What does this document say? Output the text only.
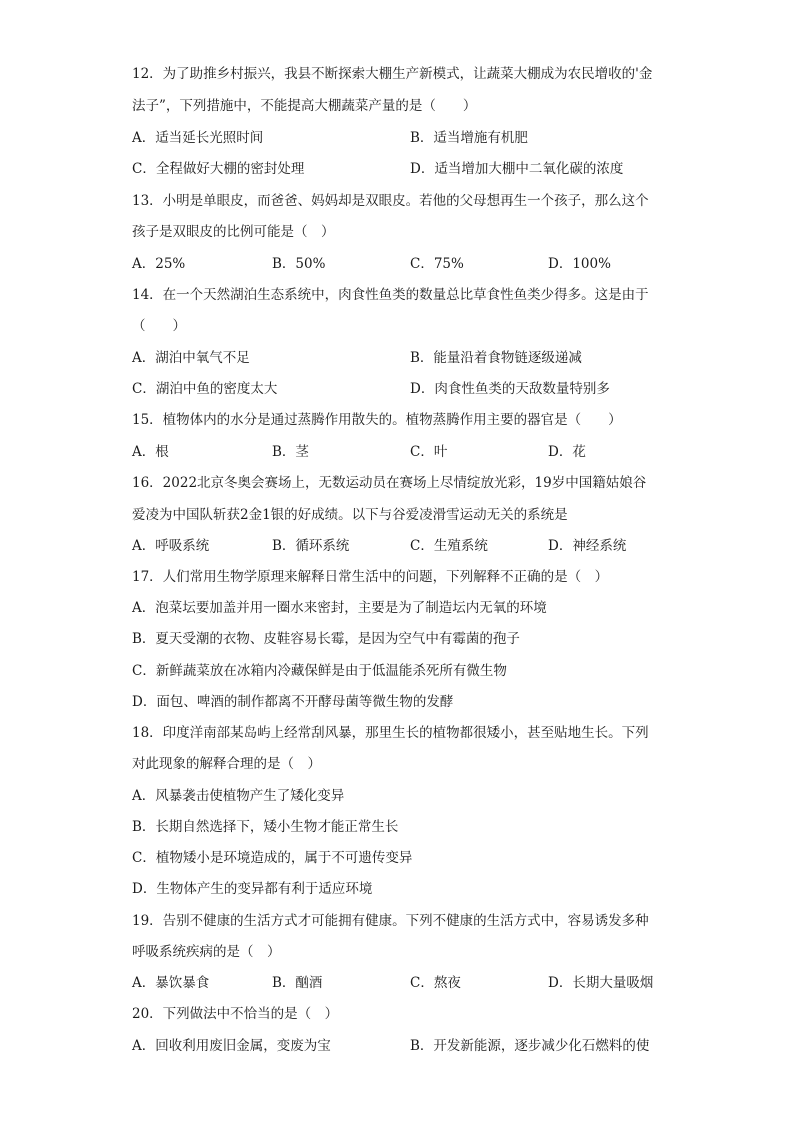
12．为了助推乡村振兴，我县不断探索大棚生产新模式，让蔬菜大棚成为农民增收的'金
法子”，下列措施中，不能提高大棚蔬菜产量的是（　　）
A．适当延长光照时间	B．适当增施有机肥
C．全程做好大棚的密封处理	D．适当增加大棚中二氧化碳的浓度
13．小明是单眼皮，而爸爸、妈妈却是双眼皮。若他的父母想再生一个孩子，那么这个
孩子是双眼皮的比例可能是（　）
A．25%	B．50%	C．75%	D．100%
14．在一个天然湖泊生态系统中，肉食性鱼类的数量总比草食性鱼类少得多。这是由于
（　　）
A．湖泊中氧气不足	B．能量沿着食物链逐级递减
C．湖泊中鱼的密度太大	D．肉食性鱼类的天敌数量特别多
15．植物体内的水分是通过蒸腾作用散失的。植物蒸腾作用主要的器官是（　　）
A．根	B．茎	C．叶	D．花
16．2022北京冬奥会赛场上，无数运动员在赛场上尽情绽放光彩，19岁中国籍姑娘谷
爱凌为中国队斩获2金1银的好成绩。以下与谷爱凌滑雪运动无关的系统是
A．呼吸系统	B．循环系统	C．生殖系统	D．神经系统
17．人们常用生物学原理来解释日常生活中的问题，下列解释不正确的是（　）
A．泡菜坛要加盖并用一圈水来密封，主要是为了制造坛内无氧的环境
B．夏天受潮的衣物、皮鞋容易长霉，是因为空气中有霉菌的孢子
C．新鲜蔬菜放在冰箱内冷藏保鲜是由于低温能杀死所有微生物
D．面包、啤酒的制作都离不开酵母菌等微生物的发酵
18．印度洋南部某岛屿上经常刮风暴，那里生长的植物都很矮小，甚至贴地生长。下列
对此现象的解释合理的是（　）
A．风暴袭击使植物产生了矮化变异
B．长期自然选择下，矮小生物才能正常生长
C．植物矮小是环境造成的，属于不可遗传变异
D．生物体产生的变异都有利于适应环境
19．告别不健康的生活方式才可能拥有健康。下列不健康的生活方式中，容易诱发多种
呼吸系统疾病的是（　）
A．暴饮暴食	B．酗酒	C．熬夜	D．长期大量吸烟
20．下列做法中不恰当的是（　）
A．回收利用废旧金属，变废为宝	B．开发新能源，逐步减少化石燃料的使
